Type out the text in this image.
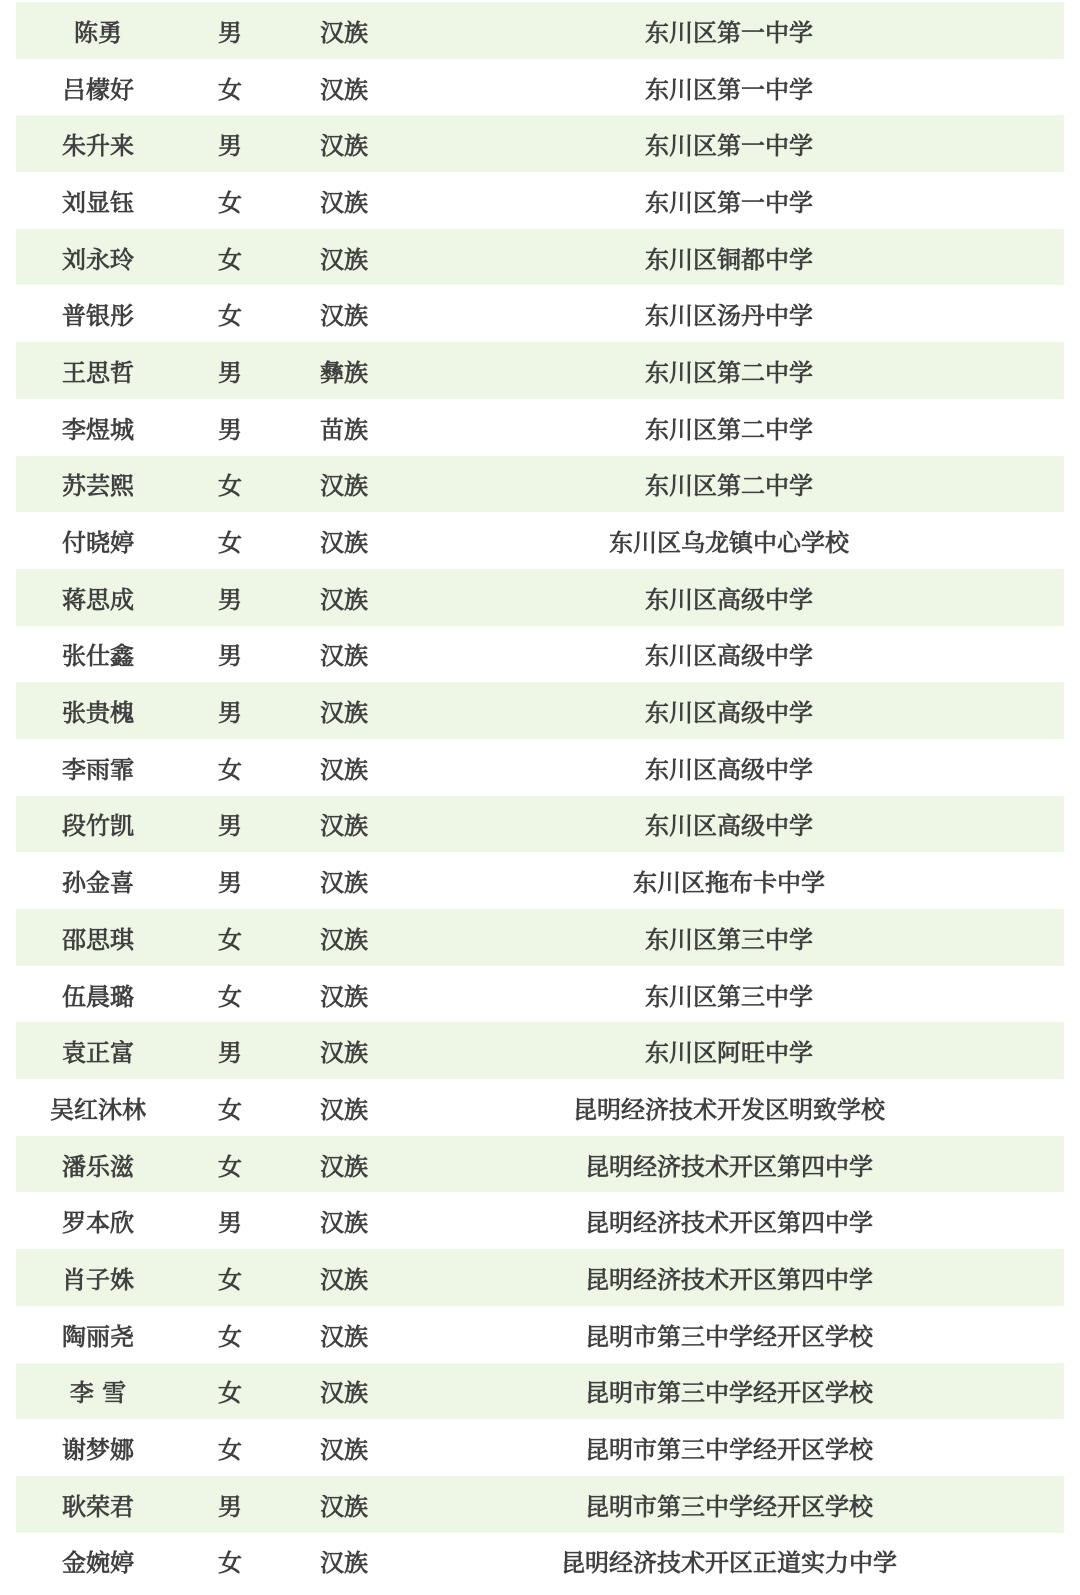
陈勇	男	汉族	东川区第一中学
吕檬好	女	汉族	东川区第一中学
朱升来	男	汉族	东川区第一中学
刘显钰	女	汉族	东川区第一中学
刘永玲	女	汉族	东川区铜都中学
普银彤	女	汉族	东川区汤丹中学
王思哲	男	彝族	东川区第二中学
李煜城	男	苗族	东川区第二中学
苏芸熙	女	汉族	东川区第二中学
付晓婷	女	汉族	东川区乌龙镇中心学校
蒋思成	男	汉族	东川区高级中学
张仕鑫	男	汉族	东川区高级中学
张贵槐	男	汉族	东川区高级中学
李雨霏	女	汉族	东川区高级中学
段竹凯	男	汉族	东川区高级中学
孙金喜	男	汉族	东川区拖布卡中学
邵思琪	女	汉族	东川区第三中学
伍晨璐	女	汉族	东川区第三中学
袁正富	男	汉族	东川区阿旺中学
吴红沐林	女	汉族	昆明经济技术开发区明致学校
潘乐滋	女	汉族	昆明经济技术开区第四中学
罗本欣	男	汉族	昆明经济技术开区第四中学
肖子姝	女	汉族	昆明经济技术开区第四中学
陶丽尧	女	汉族	昆明市第三中学经开区学校
李 雪	女	汉族	昆明市第三中学经开区学校
谢梦娜	女	汉族	昆明市第三中学经开区学校
耿荣君	男	汉族	昆明市第三中学经开区学校
金婉婷	女	汉族	昆明经济技术开区正道实力中学
